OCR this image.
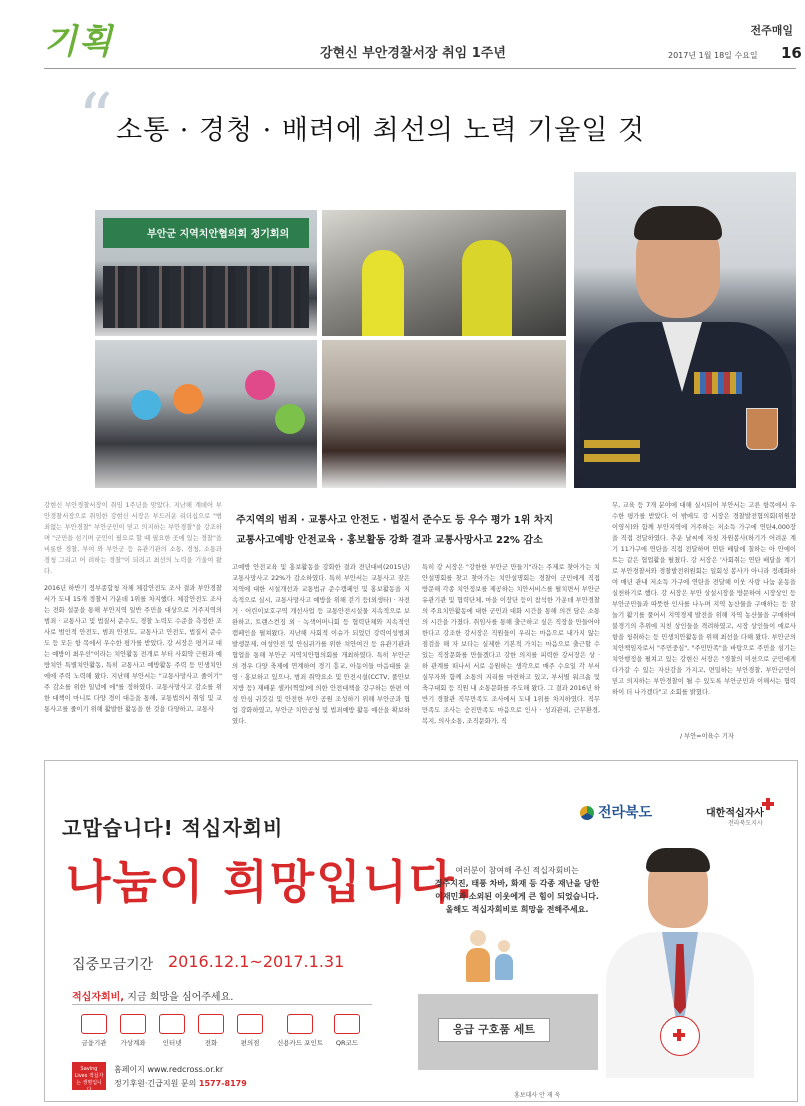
기획	전주매일
강현신 부안경찰서장 취임 1주년	2017년 1월 18일 수요일 16
“ 소통 · 경청 · 배려에 최선의 노력 기울일 것
부안군 지역치안협의회 정기회의
주지역의 범죄 · 교통사고 안전도 · 법질서 준수도 등 우수 평가 1위 차지
교통사고예방 안전교육 · 홍보활동 강화 결과 교통사망사고 22% 감소

강현신 부안경찰서장이 취임 1주년을 맞았다. 지난해 계데어 부안경찰서장으로 취임한 강현신 서장은 부드러운 리더십으로 "범죄없는 부안경찰" 부안군민이 믿고 의지하는 부안경찰"을 강조하며 "군민을 섬기며 군민이 필요로 할 때 필요한 곳에 있는 경찰"을 비롯한 경찰, 부여 와 부안군 등 유관기관의 소통, 경청, 소통과 경청 그리고 어 려하는 경찰"이 되려고 최선의 노력을 기울여 왔다.

2016년 하반기 정부종합청 자체 체감안전도 조사 결과 부안경찰서가 도내 15개 경찰서 가운데 1위를 차지했다. 체감안전도 조사는 전화 설문을 통해 부안지역 일반 주민을 대상으로 거주지역의 범죄 · 교통사고 및 법질서 준수도, 경찰 노력도 수준을 측정한 조사로 범인적 안전도, 범죄 안전도, 교통사고 안전도, 법질서 준수도 등 모든 항 목에서 우수한 평가를 받았다. 강 서장은 평거교 대는 예방이 최우선"이라는 치안활동 전개로 부터 사회약 근원과 예방치안 특별치안활동, 특히 교통사고 예방활동 주력 등 민생치안에에 주력 노력해 왔다. 지난해 부안서는 "교통사망사고 줄이기" 주 감소를 위한 일념에 에"를 정하였다. 교통사망사고 감소를 위한 대책이 마니토 다양 경이 대응을 통해, 교통법의서 취임 및 교통사고를 줄이기 위해 활발한 활동을 한 것을 다양하고, 교통사

고예방 안전교육 및 홍보활동을 강화한 결과 전년대비(2015년) 교통사망사고 22%가 감소하였다. 특히 부안서는 교통사고 잦은 지역에 대한 시설개선과 교통법규 준수캠페인 및 홍보활동을 지속적으로 실시, 교통사망사고 예방을 위해 걷기 등(외생타) · 자전거 · 어린이보호구역 개선사업 등 교통안전시설물 지속적으로 보완하고, 트랜스컨징 외 · 녹색어머니회 등 협력단체와 지속적인 캠페인을 펼쳐왔다. 지난해 사회적 이슈가 되었던 강력여성범죄 발생문제, 여성안전 및 안심귀가를 위한 치안여건 등 유관기관과 협업을 통해 부안군 지역치안협의회를 개최하였다. 특히 부안군의 경우 다양 축제에 연계하여 경기 흥교, 아동이들 마음대를 운영 · 홍보하고 있으나, 범죄 취약요소 및 안전시설(CCTV, 풀안보지방 등) 재배분 셀카(찍었)에 의한 안전대책을 강구하는 한편 여성 안심 귀갓길 및 안전한 부안 공원 조성하기 위해 부안군과 협업 강화하였고, 부안군 치안공청 및 법죄예방 활동 예산을 확보하였다.
특히 강 서장은 "강한한 부안군 만들기"라는 주제로 찾아가는 치안설명회를 찾고 찾아가는 치안설명회는 경찰이 군민에게 직접 방문해 각종 치안정보를 제공하는 치안서비스를 펼치면서 부안군 유관기관 및 협력단체, 마을 이장단 등이 참석한 가운데 부안경찰의 주요치안활동에 대한 군민과 대화 시간을 통해 의견 담은 소통의 시간을 가졌다. 취임사를 통해 출근하고 싶은 직장을 만들어야 한다고 강조한 강서장은 직원들이 우리는 마음으로 내가지 않는 점검을 해 자 보다는 실제한 기본적 가치는 마음으로 출근할 수 있는 직장문화를 만들겠다고 강한 의지를 피력한 강서장은 상 · 하 관계를 떠나서 서로 응원하는 생각으로 매주 수요일 각 부서 실무자와 함께 소통의 지리를 마련하고 있고, 부서별 워크숍 및 축구대회 등 직원 내 소통문화를 주도해 왔다. 그 결과 2016년 하반기 경찰관 직무만족도 조사에서 도내 1위를 차지하였다. 직무만족도 조사는 승진만족도 마음으로 인사 · 성과관리, 근무환경, 복지, 의사소통, 조직문화가, 직
무, 교육 등 7개 분야에 대해 실시되어 부안서는 고른 항목에서 우수한 평가를 받았다. 이 밖에도 강 서장은 경찰발전협의회(위원장 이영식)와 함께 부안지역에 거주하는 저소득 가구에 연탄4,000장을 직접 전달하였다. 추운 날씨에 자칫 자원봉사(하기가 어려운 계기 11가구에 연탄을 직접 전달하며 연탄 배달에 칠하는 아 안에이트는 같은 협업활을 펼쳤다. 강 서장은 '사회취는 연탄 배달을 계기로 부안경찰서와 경찰발전위원회는 일회성 봉사가 아니라 정례화하여 매년 관내 저소득 가구에 연탄을 전달해 이웃 사랑 나눔 운동을 실천하기로 했다. 강 서장은 부안 상설시장을 방문하여 시장상인 등 부안군민들과 따뜻한 인사를 나누며 지역 농산물을 구매하는 등 잠놀기 활기를 풀어서 지역경제 발전을 위해 자역 농산물을 구매하여 불경기의 추위에 지친 상인들을 격려하였고, 시장 상인들이 애로사항을 청취하는 등 민생치안활동을 위해 최선을 다해 왔다. 부안군의 치안책임자로서 "주민중심", "주민만족"을 바탕으로 주민을 섬기는 치안행정을 펼쳐고 있는 강현신 서장은 "경찰의 미션으로 군민에게 다가갈 수 있는 자산감을 가지고, 면밀하는 부안경찰, 부안군민이 믿고 의지하는 부안경찰이 될 수 있도록 부안군민과 이해서는 협력하이 더 나가겠다"고 소회를 밝혔다.
/ 부안=이육수 기자
고맙습니다! 적십자회비
나눔이 희망입니다.
집중모금기간 2016.12.1~2017.1.31
적십자회비, 지금 희망을 심어주세요.
금융기관	가상계좌	인터넷	전화	편의점	신용카드 포인트	QR코드
Saving Lives 적십자는 생명입니다
홈페이지 www.redcross.or.kr
정기후원·긴급지원 문의 1577-8179
전라북도	대한적십자사
전라북도지사
여러분이 참여해 주신 적십자회비는
경주지진, 태풍 차바, 화재 등 각종 재난을 당한
이재민과 소외된 이웃에게 큰 힘이 되었습니다.
올해도 적십자회비로 희망을 전해주세요.
응급 구호품 세트
홍보대사 안 재 욱
